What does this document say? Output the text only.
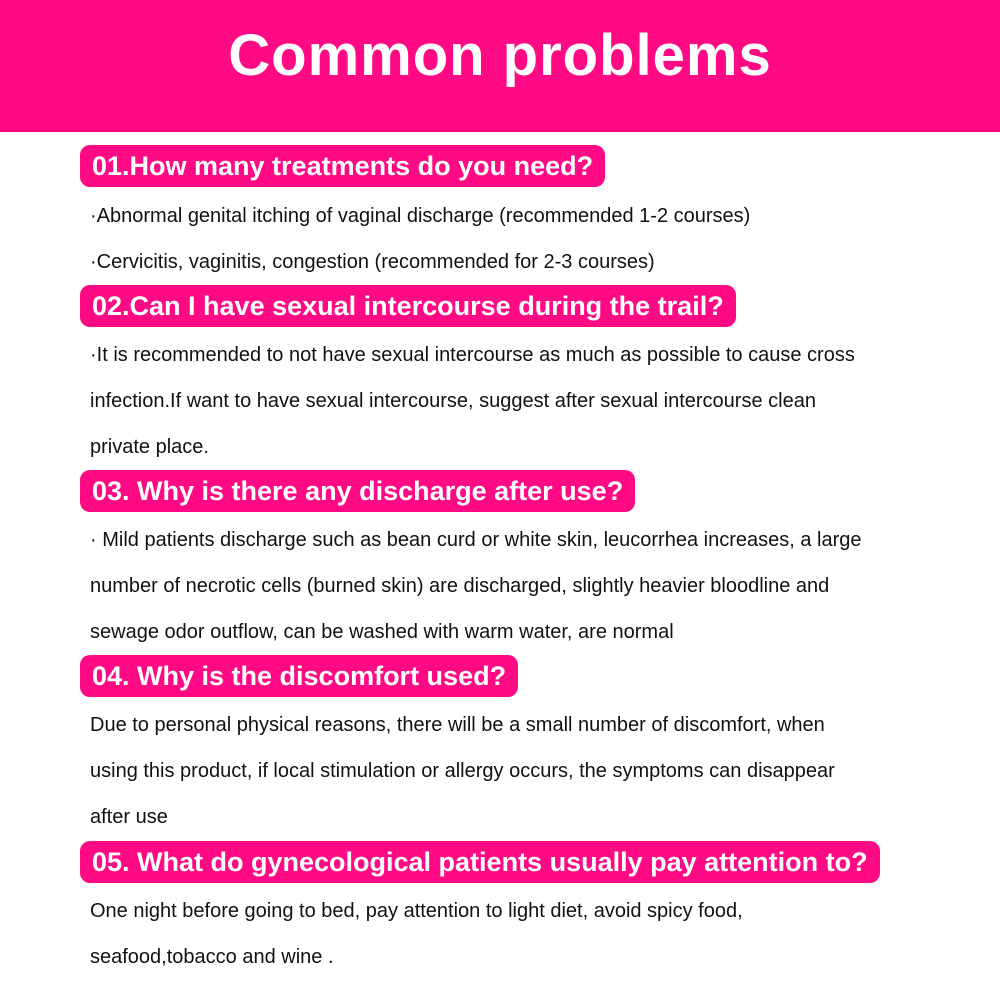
Common problems
01.How many treatments do you need?

·Abnormal genital itching of vaginal discharge (recommended 1-2 courses)

·Cervicitis, vaginitis, congestion (recommended for 2-3 courses)

02.Can I have sexual intercourse during the trail?

·It is recommended to not have sexual intercourse as much as possible to cause cross

infection.If want to have sexual intercourse, suggest after sexual intercourse clean

private place.

03. Why is there any discharge after use?

· Mild patients discharge such as bean curd or white skin, leucorrhea increases, a large

number of necrotic cells (burned skin) are discharged, slightly heavier bloodline and

sewage odor outflow, can be washed with warm water, are normal

04. Why is the discomfort used?

Due to personal physical reasons, there will be a small number of discomfort, when

using this product, if local stimulation or allergy occurs, the symptoms can disappear

after use

05. What do gynecological patients usually pay attention to?

One night before going to bed, pay attention to light diet, avoid spicy food,

seafood,tobacco and wine .
